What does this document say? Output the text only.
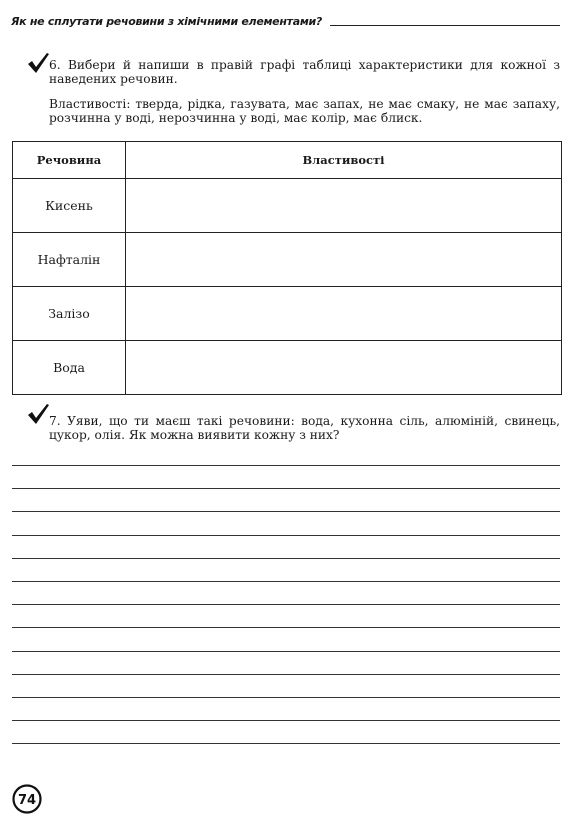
Як не сплутати речовини з хімічними елементами?
6. Вибери й напиши в правій графі таблиці характеристики для кожної з наведених речовин.
Властивості: тверда, рідка, газувата, має запах, не має смаку, не має запаху, розчинна у воді, нерозчинна у воді, має колір, має блиск.
Речовина	Властивості
Кисень	
Нафталін	
Залізо	
Вода	
7. Уяви, що ти маєш такі речовини: вода, кухонна сіль, алюміній, свинець, цукор, олія. Як можна виявити кожну з них?
74
